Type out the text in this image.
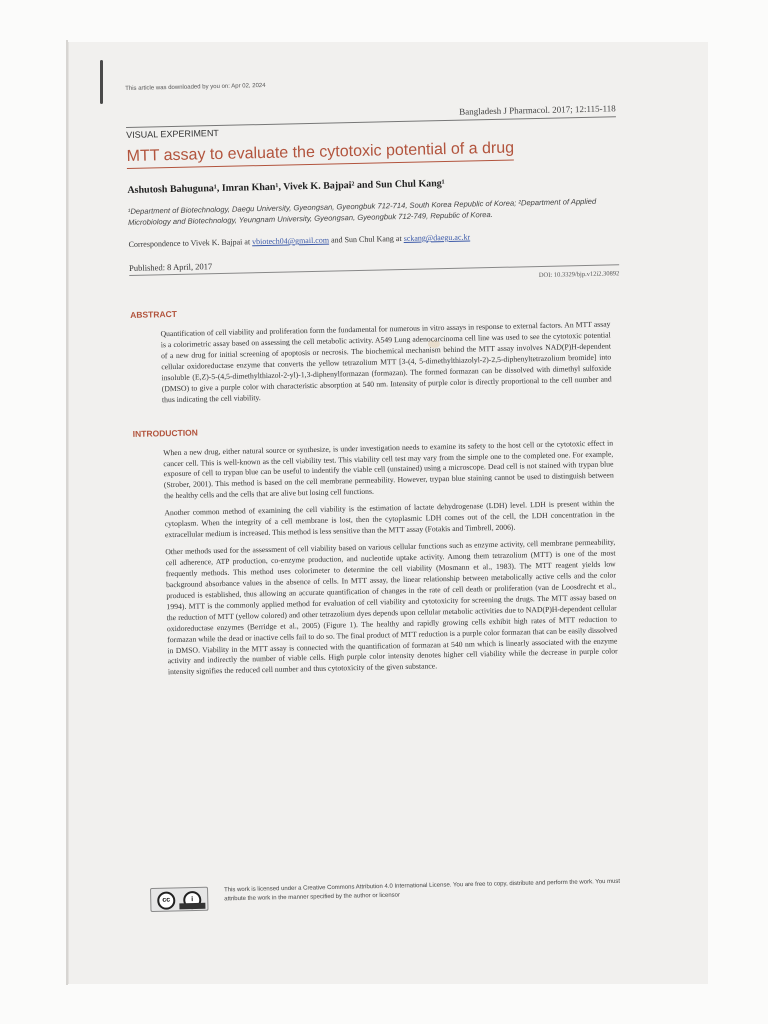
This article was downloaded by you on: Apr 02, 2024
Bangladesh J Pharmacol. 2017; 12:115-118
VISUAL EXPERIMENT
MTT assay to evaluate the cytotoxic potential of a drug
Ashutosh Bahuguna¹, Imran Khan¹, Vivek K. Bajpai² and Sun Chul Kang¹
¹Department of Biotechnology, Daegu University, Gyeongsan, Gyeongbuk 712-714, South Korea Republic of Korea; ²Department of Applied Microbiology and Biotechnology, Yeungnam University, Gyeongsan, Gyeongbuk 712-749, Republic of Korea.
Correspondence to Vivek K. Bajpai at vbiotech04@gmail.com and Sun Chul Kang at sckang@daegu.ac.kr
Published: 8 April, 2017
DOI: 10.3329/bjp.v12i2.30892
ABSTRACT
Quantification of cell viability and proliferation form the fundamental for numerous in vitro assays in response to external factors. An MTT assay is a colorimetric assay based on assessing the cell metabolic activity. A549 Lung adenocarcinoma cell line was used to see the cytotoxic potential of a new drug for initial screening of apoptosis or necrosis. The biochemical mechanism behind the MTT assay involves NAD(P)H-dependent cellular oxidoreductase enzyme that converts the yellow tetrazolium MTT [3-(4, 5-dimethylthiazolyl-2)-2,5-diphenyltetrazolium bromide] into insoluble (E,Z)-5-(4,5-dimethylthiazol-2-yl)-1,3-diphenylformazan (formazan). The formed formazan can be dissolved with dimethyl sulfoxide (DMSO) to give a purple color with characteristic absorption at 540 nm. Intensity of purple color is directly proportional to the cell number and thus indicating the cell viability.
INTRODUCTION
When a new drug, either natural source or synthesize, is under investigation needs to examine its safety to the host cell or the cytotoxic effect in cancer cell. This is well-known as the cell viability test. This viability cell test may vary from the simple one to the completed one. For example, exposure of cell to trypan blue can be useful to indentify the viable cell (unstained) using a microscope. Dead cell is not stained with trypan blue (Strober, 2001). This method is based on the cell membrane permeability. However, trypan blue staining cannot be used to distinguish between the healthy cells and the cells that are alive but losing cell functions.
Another common method of examining the cell viability is the estimation of lactate dehydrogenase (LDH) level. LDH is present within the cytoplasm. When the integrity of a cell membrane is lost, then the cytoplasmic LDH comes out of the cell, the LDH concentration in the extracellular medium is increased. This method is less sensitive than the MTT assay (Fotakis and Timbrell, 2006).
Other methods used for the assessment of cell viability based on various cellular functions such as enzyme activity, cell membrane permeability, cell adherence, ATP production, co-enzyme production, and nucleotide uptake activity. Among them tetrazolium (MTT) is one of the most frequently methods. This method uses colorimeter to determine the cell viability (Mosmann et al., 1983). The MTT reagent yields low background absorbance values in the absence of cells. In MTT assay, the linear relationship between metabolically active cells and the color produced is established, thus allowing an accurate quantification of changes in the rate of cell death or proliferation (van de Loosdrecht et al., 1994). MTT is the commonly applied method for evaluation of cell viability and cytotoxicity for screening the drugs. The MTT assay based on the reduction of MTT (yellow colored) and other tetrazolium dyes depends upon cellular metabolic activities due to NAD(P)H-dependent cellular oxidoreductase enzymes (Berridge et al., 2005) (Figure 1). The healthy and rapidly growing cells exhibit high rates of MTT reduction to formazan while the dead or inactive cells fail to do so. The final product of MTT reduction is a purple color formazan that can be easily dissolved in DMSO. Viability in the MTT assay is connected with the quantification of formazan at 540 nm which is linearly associated with the enzyme activity and indirectly the number of viable cells. High purple color intensity denotes higher cell viability while the decrease in purple color intensity signifies the reduced cell number and thus cytotoxicity of the given substance.
cc	i
This work is licensed under a Creative Commons Attribution 4.0 International License. You are free to copy, distribute and perform the work. You must attribute the work in the manner specified by the author or licensor
